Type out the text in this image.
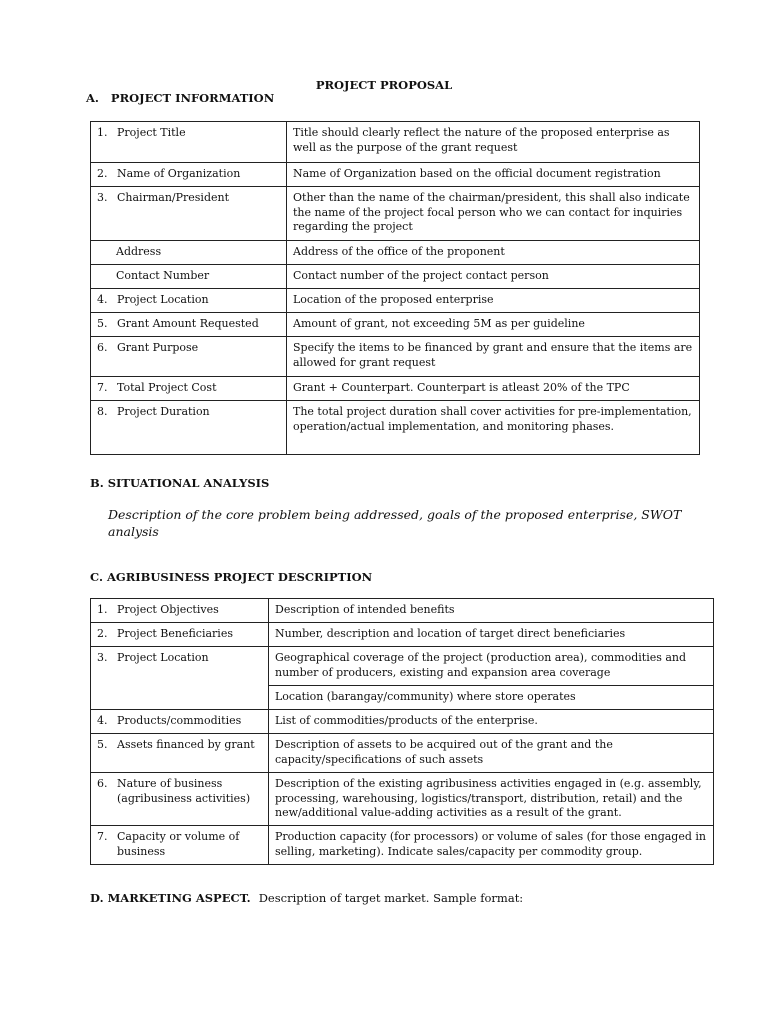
PROJECT PROPOSAL
A.   PROJECT INFORMATION
1. Project Title	Title should clearly reflect the nature of the proposed enterprise as well as the purpose of the grant request
2. Name of Organization	Name of Organization based on the official document registration
3. Chairman/President	Other than the name of the chairman/president, this shall also indicate the name of the project focal person who we can contact for inquiries regarding the project
Address	Address of the office of the proponent
Contact Number	Contact number of the project contact person
4. Project Location	Location of the proposed enterprise
5. Grant Amount Requested	Amount of grant, not exceeding 5M as per guideline
6. Grant Purpose	Specify the items to be financed by grant and ensure that the items are allowed for grant request
7. Total Project Cost	Grant + Counterpart. Counterpart is atleast 20% of the TPC
8. Project Duration	The total project duration shall cover activities for pre-implementation, operation/actual implementation, and monitoring phases.
B. SITUATIONAL ANALYSIS
Description of the core problem being addressed, goals of the proposed enterprise, SWOT analysis
C. AGRIBUSINESS PROJECT DESCRIPTION
1. Project Objectives	Description of intended benefits

2. Project Beneficiaries	Number, description and location of target direct beneficiaries

3. Project Location	Geographical coverage of the project (production area), commodities and number of producers, existing and expansion area coverage
	Location (barangay/community) where store operates

4. Products/commodities	List of commodities/products of the enterprise.

5. Assets financed by grant	Description of assets to be acquired out of the grant and the capacity/specifications of such assets

6. Nature of business (agribusiness activities)	Description of the existing agribusiness activities engaged in (e.g. assembly, processing, warehousing, logistics/transport, distribution, retail) and the new/additional value-adding activities as a result of the grant.

7. Capacity or volume of business	Production capacity (for processors) or volume of sales (for those engaged in selling, marketing). Indicate sales/capacity per commodity group.
D. MARKETING ASPECT. Description of target market. Sample format:
